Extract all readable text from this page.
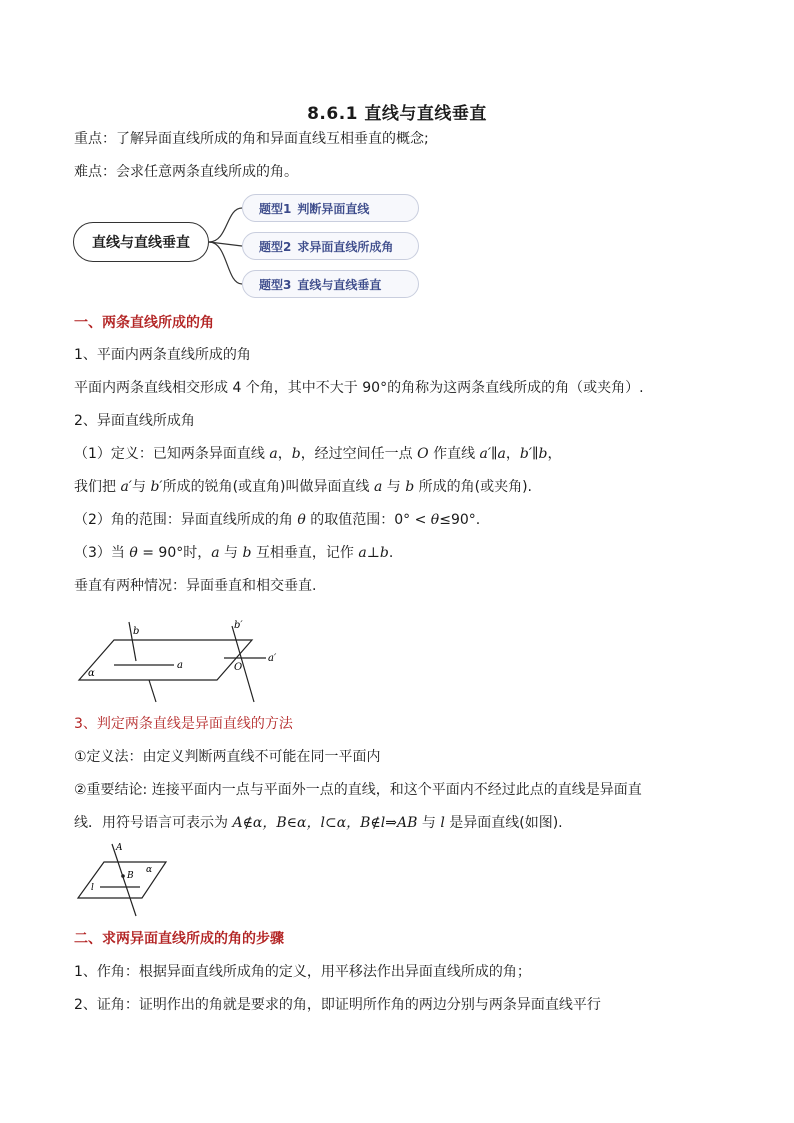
8.6.1 直线与直线垂直
重点：了解异面直线所成的角和异面直线互相垂直的概念;
难点：会求任意两条直线所成的角。
直线与直线垂直
题型1 判断异面直线
题型2 求异面直线所成角
题型3 直线与直线垂直
一、两条直线所成的角
1、平面内两条直线所成的角
平面内两条直线相交形成 4 个角，其中不大于 90°的角称为这两条直线所成的角（或夹角）.
2、异面直线所成角
（1）定义：已知两条异面直线 a，b，经过空间任一点 O 作直线 a′∥a，b′∥b，
我们把 a′与 b′所成的锐角(或直角)叫做异面直线 a 与 b 所成的角(或夹角).
（2）角的范围：异面直线所成的角 θ 的取值范围：0° < θ≤90°.
（3）当 θ = 90°时，a 与 b 互相垂直，记作 a⊥b.
垂直有两种情况：异面垂直和相交垂直.
b
a
α
b′
a′
O
3、判定两条直线是异面直线的方法
①定义法：由定义判断两直线不可能在同一平面内
②重要结论: 连接平面内一点与平面外一点的直线，和这个平面内不经过此点的直线是异面直
线．用符号语言可表示为 A∉α，B∈α，l⊂α，B∉l⇒AB 与 l 是异面直线(如图).
A
B
l
α
二、求两异面直线所成的角的步骤
1、作角：根据异面直线所成角的定义，用平移法作出异面直线所成的角；
2、证角：证明作出的角就是要求的角，即证明所作角的两边分别与两条异面直线平行
